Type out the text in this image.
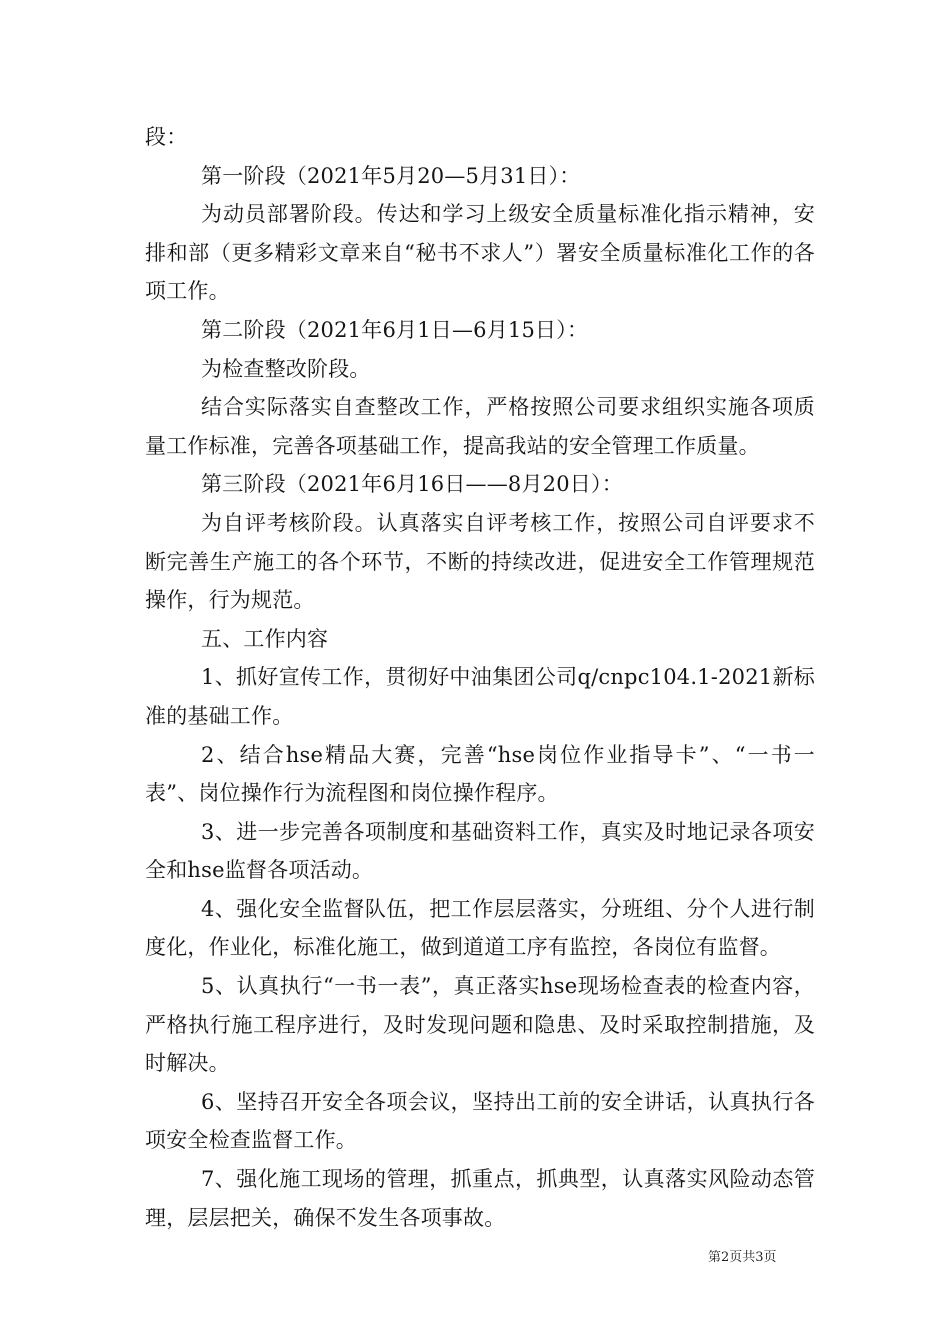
段：

第一阶段（2021年5月20—5月31日）：

为动员部署阶段。传达和学习上级安全质量标准化指示精神，安排和部（更多精彩文章来自“秘书不求人”）署安全质量标准化工作的各项工作。

第二阶段（2021年6月1日—6月15日）：

为检查整改阶段。

结合实际落实自查整改工作，严格按照公司要求组织实施各项质量工作标准，完善各项基础工作，提高我站的安全管理工作质量。

第三阶段（2021年6月16日——8月20日）：

为自评考核阶段。认真落实自评考核工作，按照公司自评要求不断完善生产施工的各个环节，不断的持续改进，促进安全工作管理规范操作，行为规范。

五、工作内容

1、抓好宣传工作，贯彻好中油集团公司q/cnpc104.1-2021新标准的基础工作。

2、结合hse精品大赛，完善“hse岗位作业指导卡”、“一书一表”、岗位操作行为流程图和岗位操作程序。

3、进一步完善各项制度和基础资料工作，真实及时地记录各项安全和hse监督各项活动。

4、强化安全监督队伍，把工作层层落实，分班组、分个人进行制度化，作业化，标准化施工，做到道道工序有监控，各岗位有监督。

5、认真执行“一书一表”，真正落实hse现场检查表的检查内容，严格执行施工程序进行，及时发现问题和隐患、及时采取控制措施，及时解决。

6、坚持召开安全各项会议，坚持出工前的安全讲话，认真执行各项安全检查监督工作。

7、强化施工现场的管理，抓重点，抓典型，认真落实风险动态管理，层层把关，确保不发生各项事故。

第2页共3页
